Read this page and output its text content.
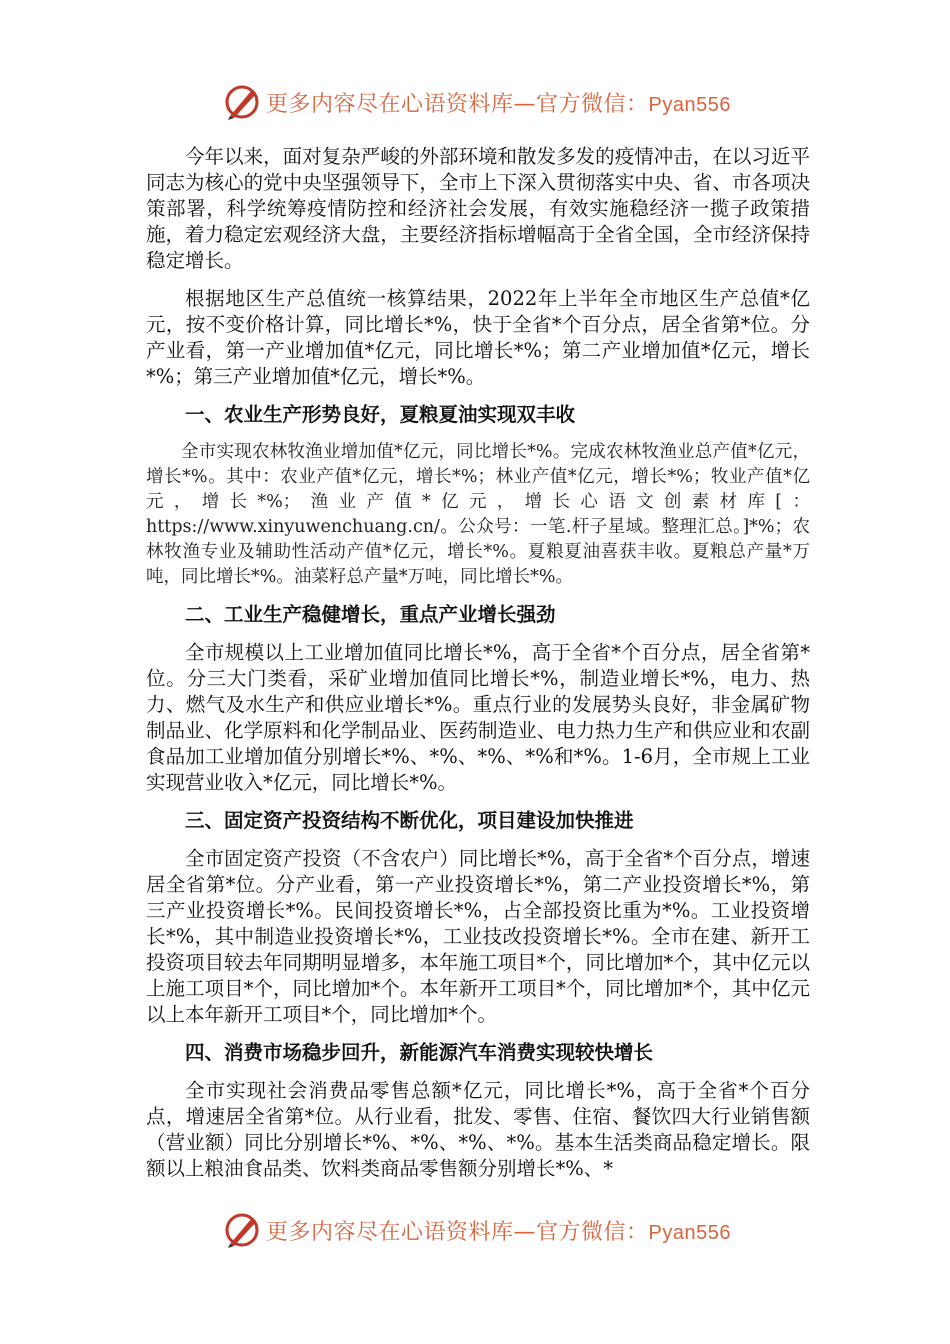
更多内容尽在心语资料库—官方微信：Pyan556

今年以来，面对复杂严峻的外部环境和散发多发的疫情冲击，在以习近平同志为核心的党中央坚强领导下，全市上下深入贯彻落实中央、省、市各项决策部署，科学统筹疫情防控和经济社会发展，有效实施稳经济一揽子政策措施，着力稳定宏观经济大盘，主要经济指标增幅高于全省全国，全市经济保持稳定增长。

根据地区生产总值统一核算结果，2022年上半年全市地区生产总值*亿元，按不变价格计算，同比增长*%，快于全省*个百分点，居全省第*位。分产业看，第一产业增加值*亿元，同比增长*%；第二产业增加值*亿元，增长*%；第三产业增加值*亿元，增长*%。

一、农业生产形势良好，夏粮夏油实现双丰收

全市实现农林牧渔业增加值*亿元，同比增长*%。完成农林牧渔业总产值*亿元，增长*%。其中：农业产值*亿元，增长*%；林业产值*亿元，增长*%；牧业产值*亿元，增长*%；渔业产值*亿元，增长心语文创素材库[：https://www.xinyuwenchuang.cn/。公众号：一笔.杆子星域。整理汇总。]*%；农林牧渔专业及辅助性活动产值*亿元，增长*%。夏粮夏油喜获丰收。夏粮总产量*万吨，同比增长*%。油菜籽总产量*万吨，同比增长*%。

二、工业生产稳健增长，重点产业增长强劲

全市规模以上工业增加值同比增长*%，高于全省*个百分点，居全省第*位。分三大门类看，采矿业增加值同比增长*%，制造业增长*%，电力、热力、燃气及水生产和供应业增长*%。重点行业的发展势头良好，非金属矿物制品业、化学原料和化学制品业、医药制造业、电力热力生产和供应业和农副食品加工业增加值分别增长*%、*%、*%、*%和*%。1-6月，全市规上工业实现营业收入*亿元，同比增长*%。

三、固定资产投资结构不断优化，项目建设加快推进

全市固定资产投资（不含农户）同比增长*%，高于全省*个百分点，增速居全省第*位。分产业看，第一产业投资增长*%，第二产业投资增长*%，第三产业投资增长*%。民间投资增长*%，占全部投资比重为*%。工业投资增长*%，其中制造业投资增长*%，工业技改投资增长*%。全市在建、新开工投资项目较去年同期明显增多，本年施工项目*个，同比增加*个，其中亿元以上施工项目*个，同比增加*个。本年新开工项目*个，同比增加*个，其中亿元以上本年新开工项目*个，同比增加*个。

四、消费市场稳步回升，新能源汽车消费实现较快增长

全市实现社会消费品零售总额*亿元，同比增长*%，高于全省*个百分点，增速居全省第*位。从行业看，批发、零售、住宿、餐饮四大行业销售额（营业额）同比分别增长*%、*%、*%、*%。基本生活类商品稳定增长。限额以上粮油食品类、饮料类商品零售额分别增长*%、*

更多内容尽在心语资料库—官方微信：Pyan556
